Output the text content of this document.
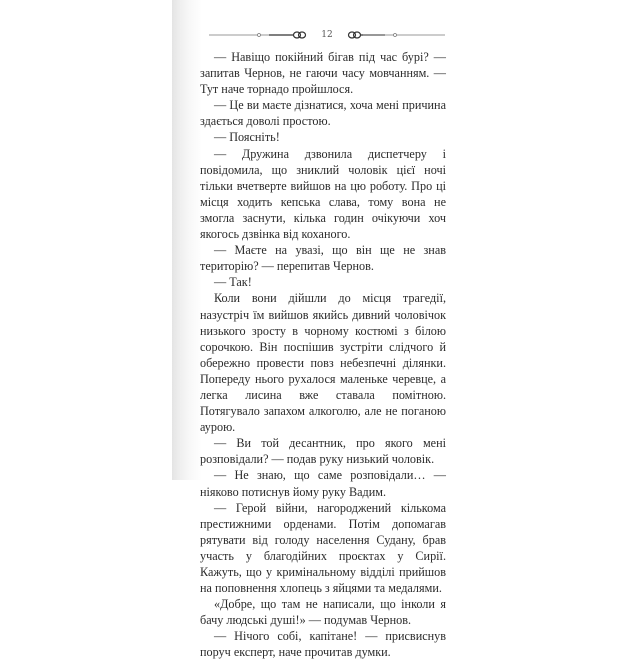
12

— Навіщо покійний бігав під час бурі? — запитав Чернов, не гаючи часу мовчанням. — Тут наче торнадо пройшлося.

— Це ви маєте дізнатися, хоча мені причина здається доволі простою.

— Поясніть!

— Дружина дзвонила диспетчеру і повідомила, що зниклий чоловік цієї ночі тільки вчетверте вийшов на цю роботу. Про ці місця ходить кепська слава, тому вона не змогла заснути, кілька годин очікуючи хоч якогось дзвінка від коханого.

— Маєте на увазі, що він ще не знав територію? — перепитав Чернов.

— Так!

Коли вони дійшли до місця трагедії, назустріч їм вийшов якийсь дивний чоловічок низького зросту в чорному костюмі з білою сорочкою. Він поспішив зустріти слідчого й обережно провести повз небезпечні ділянки. Попереду нього рухалося маленьке черевце, а легка лисина вже ставала помітною. Потягувало запахом алкоголю, але не поганою аурою.

— Ви той десантник, про якого мені розповідали? — подав руку низький чоловік.

— Не знаю, що саме розповідали… — ніяково потиснув йому руку Вадим.

— Герой війни, нагороджений кількома престижними орденами. Потім допомагав рятувати від голоду населення Судану, брав участь у благодійних проєктах у Сирії. Кажуть, що у кримінальному відділі прийшов на поповнення хлопець з яйцями та медалями.

«Добре, що там не написали, що інколи я бачу людські душі!» — подумав Чернов.

— Нічого собі, капітане! — присвиснув поруч експерт, наче прочитав думки.
